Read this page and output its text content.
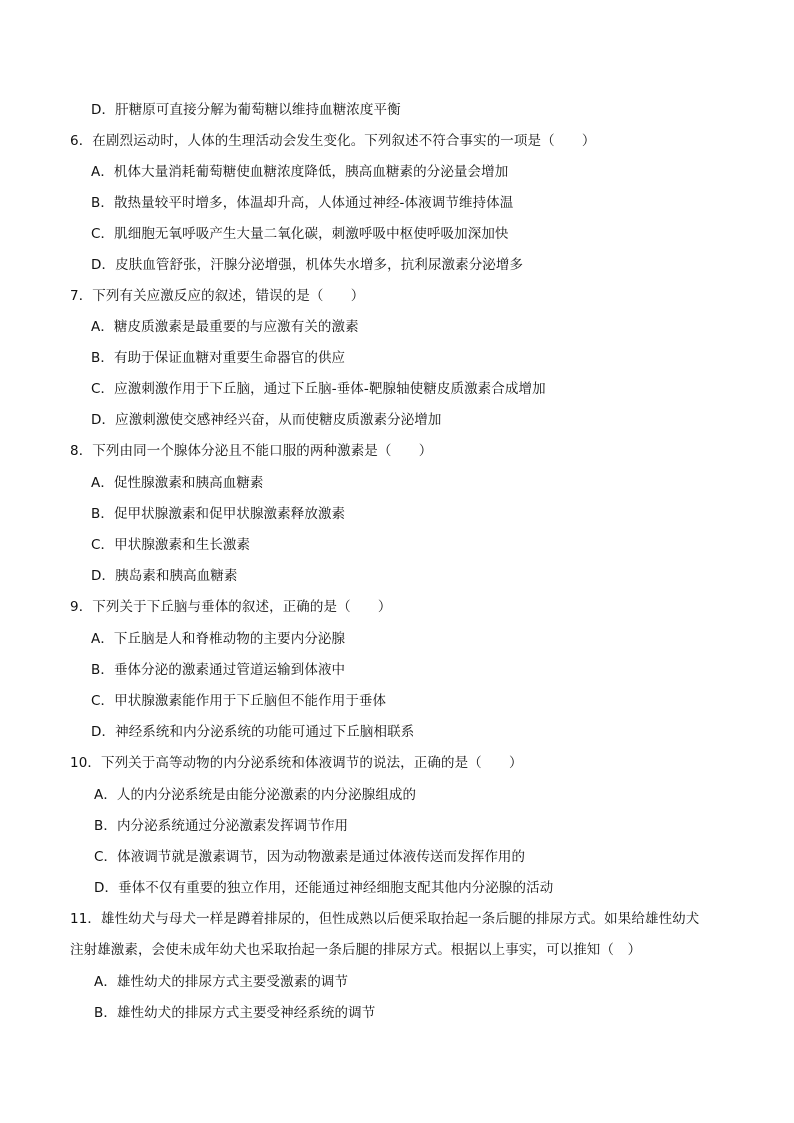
D．肝糖原可直接分解为葡萄糖以维持血糖浓度平衡
6．在剧烈运动时，人体的生理活动会发生变化。下列叙述不符合事实的一项是（　　）
A．机体大量消耗葡萄糖使血糖浓度降低，胰高血糖素的分泌量会增加
B．散热量较平时增多，体温却升高，人体通过神经-体液调节维持体温
C．肌细胞无氧呼吸产生大量二氧化碳，刺激呼吸中枢使呼吸加深加快
D．皮肤血管舒张，汗腺分泌增强，机体失水增多，抗利尿激素分泌增多
7．下列有关应激反应的叙述，错误的是（　　）
A．糖皮质激素是最重要的与应激有关的激素
B．有助于保证血糖对重要生命器官的供应
C．应激刺激作用于下丘脑，通过下丘脑-垂体-靶腺轴使糖皮质激素合成增加
D．应激刺激使交感神经兴奋，从而使糖皮质激素分泌增加
8．下列由同一个腺体分泌且不能口服的两种激素是（　　）
A．促性腺激素和胰高血糖素
B．促甲状腺激素和促甲状腺激素释放激素
C．甲状腺激素和生长激素
D．胰岛素和胰高血糖素
9．下列关于下丘脑与垂体的叙述，正确的是（　　）
A．下丘脑是人和脊椎动物的主要内分泌腺
B．垂体分泌的激素通过管道运输到体液中
C．甲状腺激素能作用于下丘脑但不能作用于垂体
D．神经系统和内分泌系统的功能可通过下丘脑相联系
10．下列关于高等动物的内分泌系统和体液调节的说法，正确的是（　　）
A．人的内分泌系统是由能分泌激素的内分泌腺组成的
B．内分泌系统通过分泌激素发挥调节作用
C．体液调节就是激素调节，因为动物激素是通过体液传送而发挥作用的
D．垂体不仅有重要的独立作用，还能通过神经细胞支配其他内分泌腺的活动
11．雄性幼犬与母犬一样是蹲着排尿的，但性成熟以后便采取抬起一条后腿的排尿方式。如果给雄性幼犬
注射雄激素，会使未成年幼犬也采取抬起一条后腿的排尿方式。根据以上事实，可以推知（　）
A．雄性幼犬的排尿方式主要受激素的调节
B．雄性幼犬的排尿方式主要受神经系统的调节
